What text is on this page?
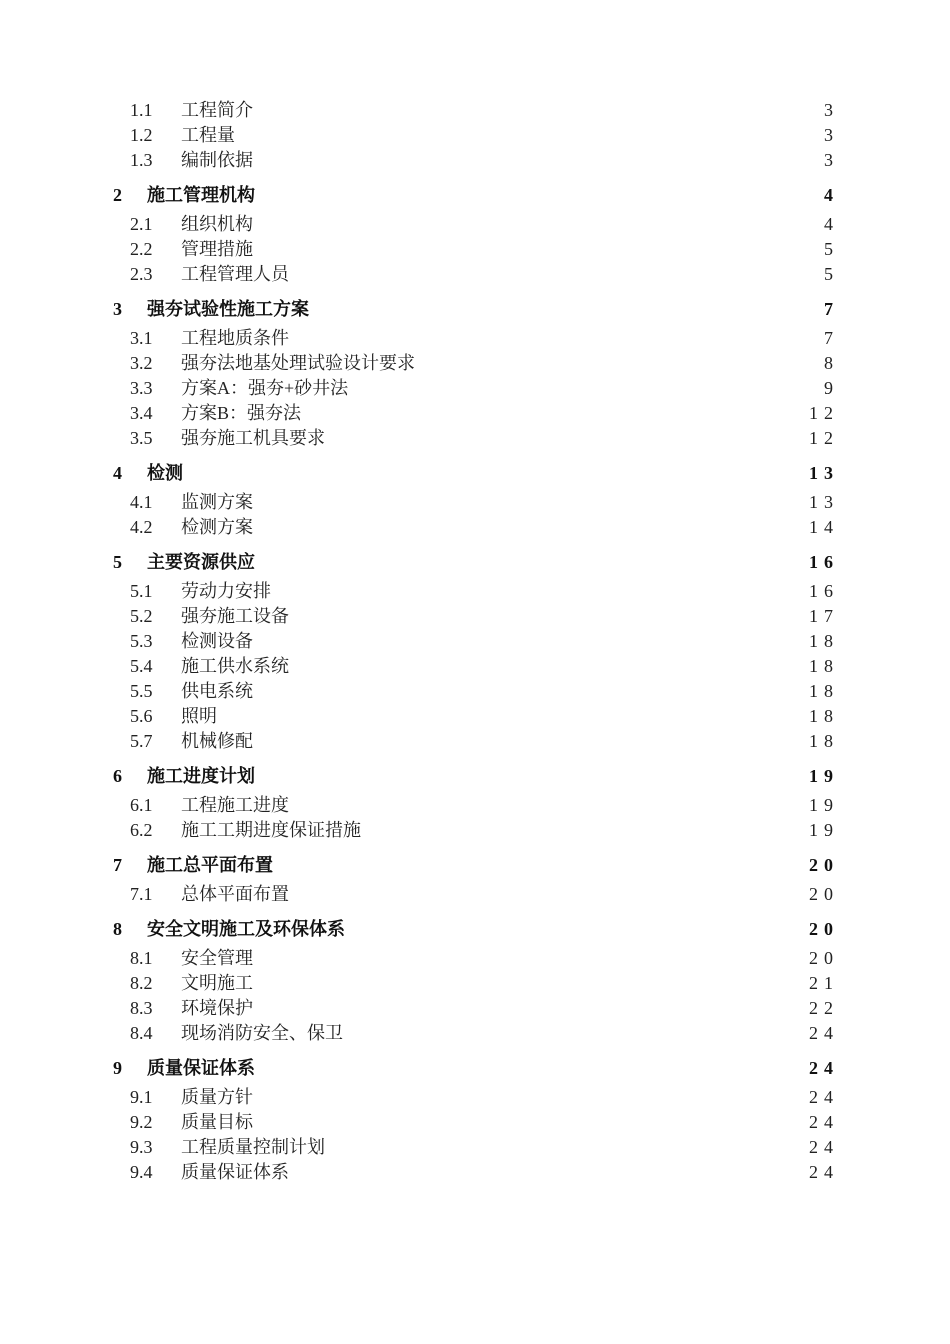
1.1	工程简介	3
1.2	工程量	3
1.3	编制依据	3
2	施工管理机构	4
2.1	组织机构	4
2.2	管理措施	5
2.3	工程管理人员	5
3	强夯试验性施工方案	7
3.1	工程地质条件	7
3.2	强夯法地基处理试验设计要求	8
3.3	方案A：强夯+砂井法	9
3.4	方案B：强夯法	12
3.5	强夯施工机具要求	12
4	检测	13
4.1	监测方案	13
4.2	检测方案	14
5	主要资源供应	16
5.1	劳动力安排	16
5.2	强夯施工设备	17
5.3	检测设备	18
5.4	施工供水系统	18
5.5	供电系统	18
5.6	照明	18
5.7	机械修配	18
6	施工进度计划	19
6.1	工程施工进度	19
6.2	施工工期进度保证措施	19
7	施工总平面布置	20
7.1	总体平面布置	20
8	安全文明施工及环保体系	20
8.1	安全管理	20
8.2	文明施工	21
8.3	环境保护	22
8.4	现场消防安全、保卫	24
9	质量保证体系	24
9.1	质量方针	24
9.2	质量目标	24
9.3	工程质量控制计划	24
9.4	质量保证体系	24
